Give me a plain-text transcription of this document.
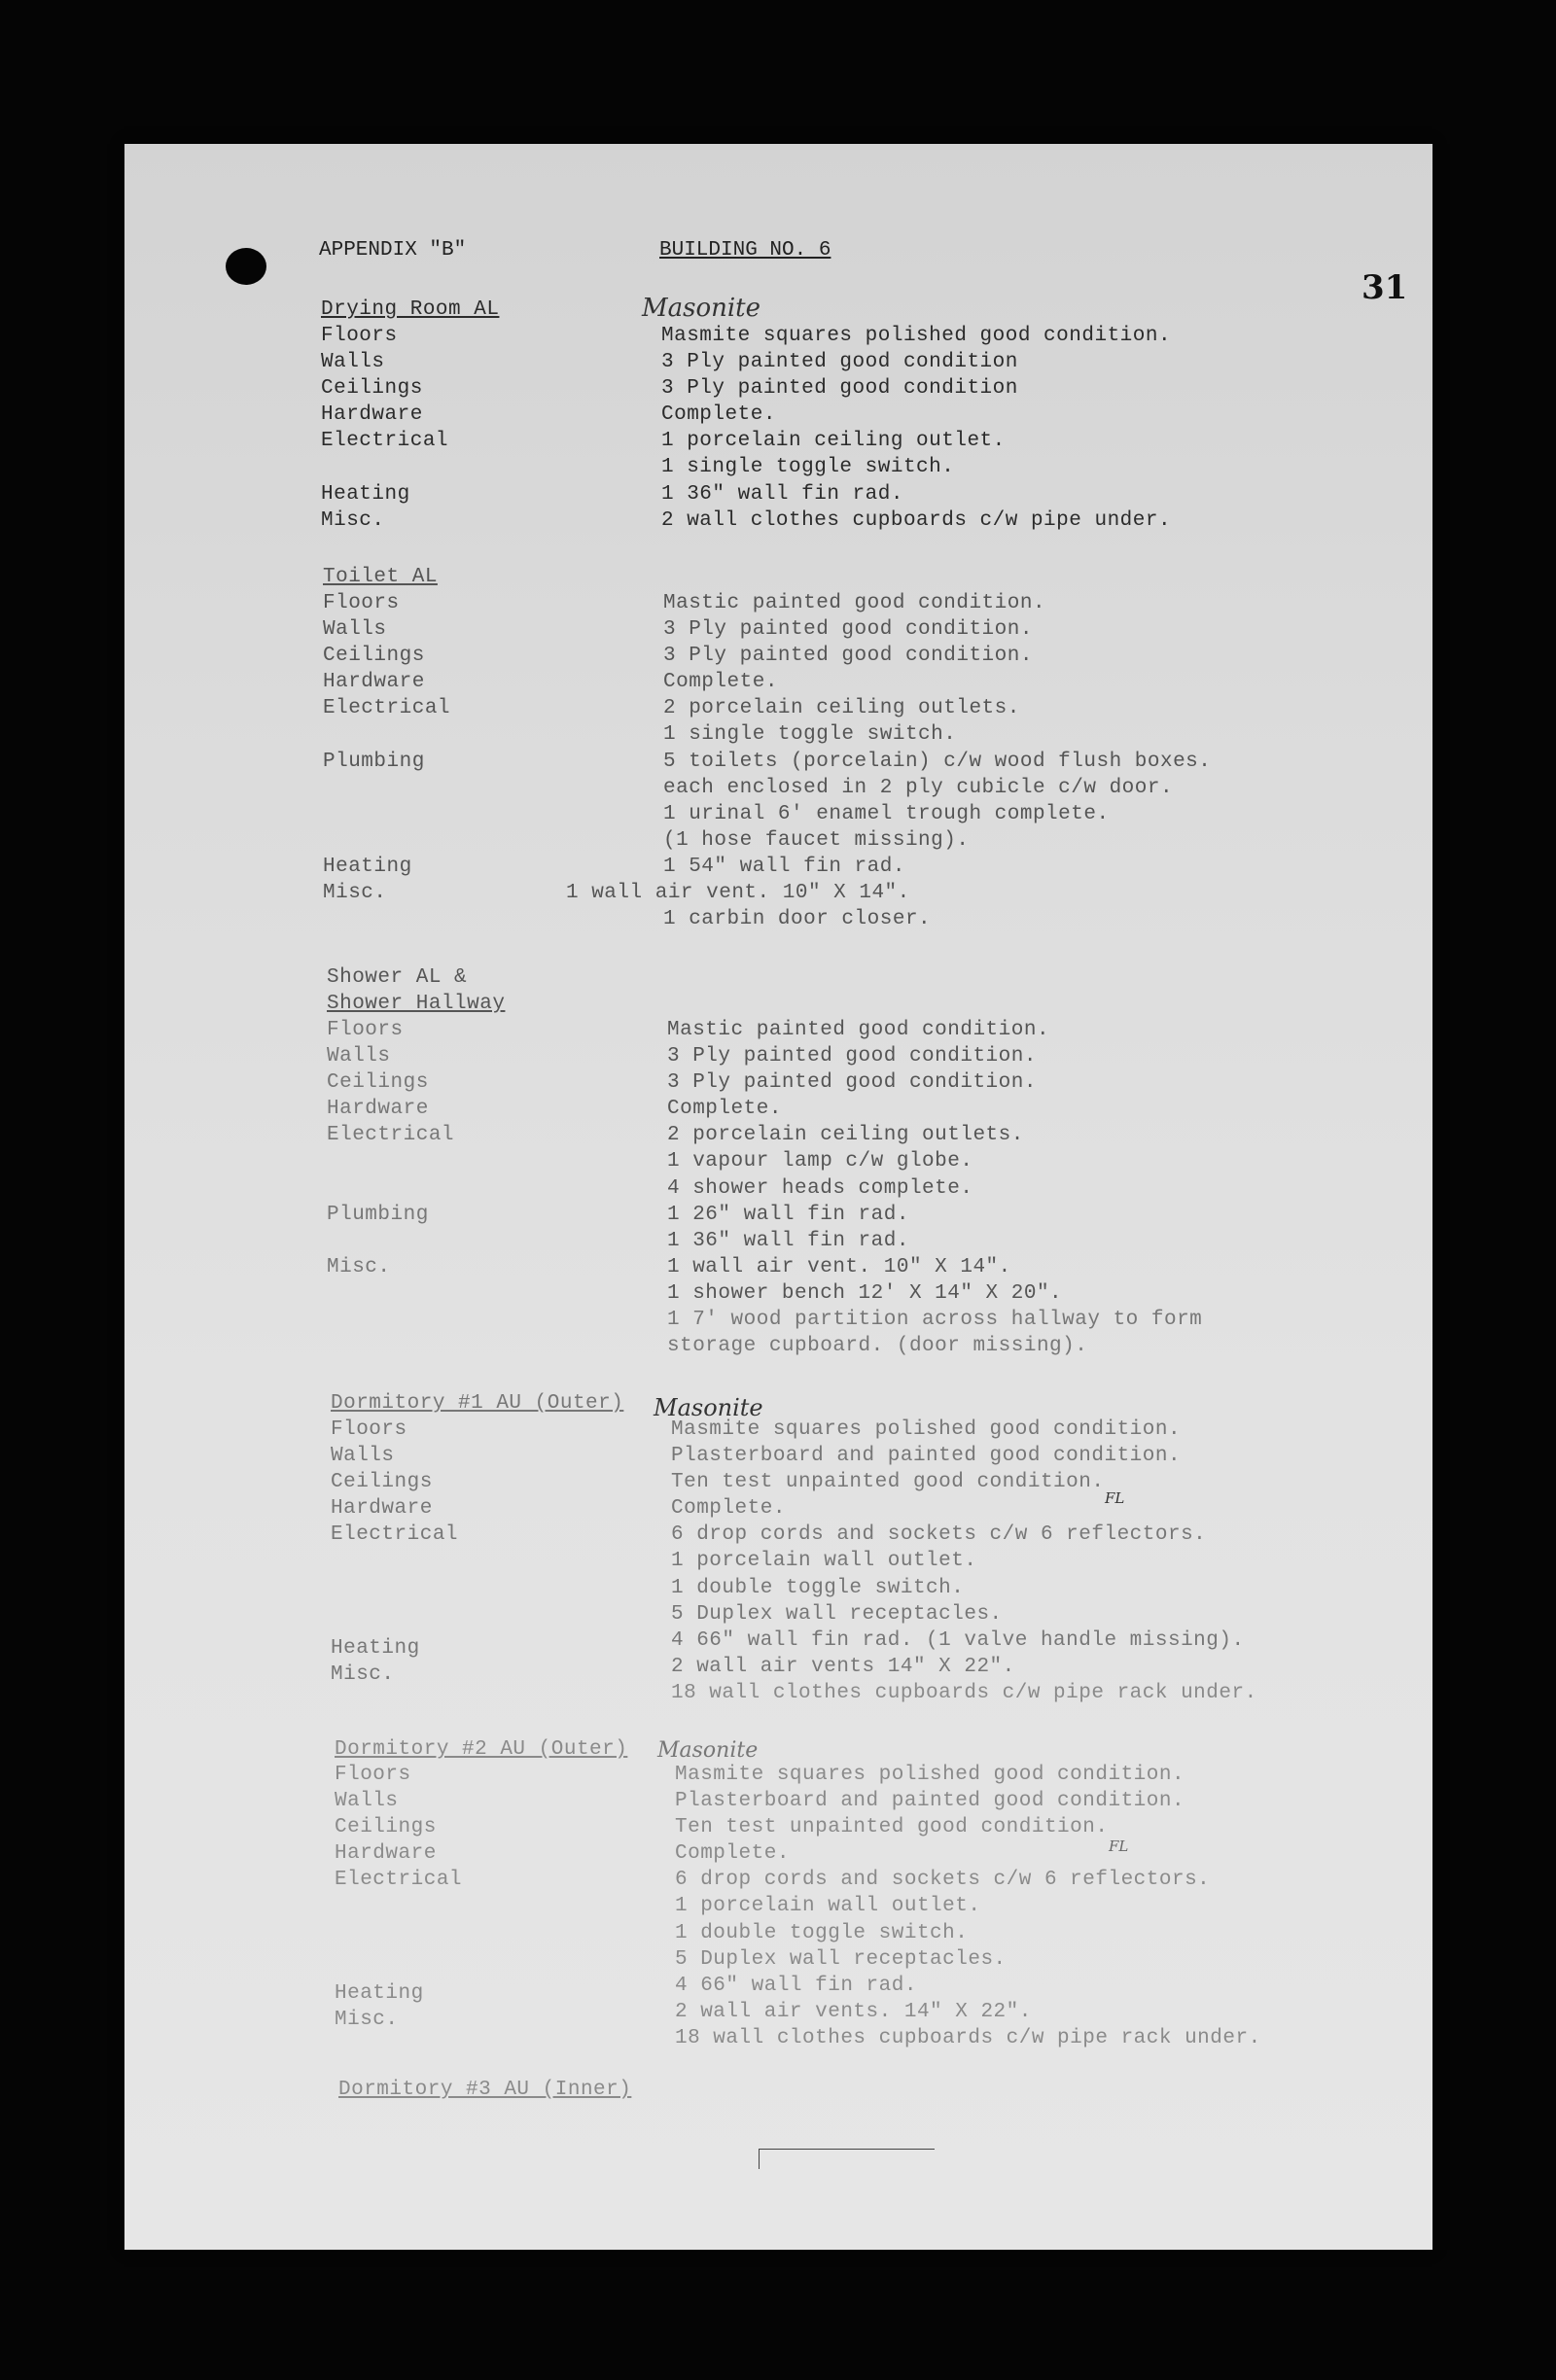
APPENDIX "B"	BUILDING NO. 6
31
Masonite
Masonite
Masonite
FL
FL
Drying Room AL
Floors	Masmite squares polished good condition.
Walls	3 Ply painted good condition
Ceilings	3 Ply painted good condition
Hardware	Complete.
Electrical	1 porcelain ceiling outlet.
1 single toggle switch.
Heating	1 36" wall fin rad.
Misc.	2 wall clothes cupboards c/w pipe under.
Toilet AL
Floors	Mastic painted good condition.
Walls	3 Ply painted good condition.
Ceilings	3 Ply painted good condition.
Hardware	Complete.
Electrical	2 porcelain ceiling outlets.
1 single toggle switch.
Plumbing	5 toilets (porcelain) c/w wood flush boxes.
each enclosed in 2 ply cubicle c/w door.
1 urinal 6' enamel trough complete.
(1 hose faucet missing).
Heating	1 54" wall fin rad.
Misc.	1 wall air vent. 10" X 14".
1 carbin door closer.
Shower AL &
Shower Hallway
Floors	Mastic painted good condition.
Walls	3 Ply painted good condition.
Ceilings	3 Ply painted good condition.
Hardware	Complete.
Electrical	2 porcelain ceiling outlets.
1 vapour lamp c/w globe.
4 shower heads complete.
Plumbing	1 26" wall fin rad.
1 36" wall fin rad.
Misc.	1 wall air vent. 10" X 14".
1 shower bench 12' X 14" X 20".
1 7' wood partition across hallway to form
storage cupboard. (door missing).
Dormitory #1 AU (Outer)
Floors	Masmite squares polished good condition.
Walls	Plasterboard and painted good condition.
Ceilings	Ten test unpainted good condition.
Hardware	Complete.
Electrical	6 drop cords and sockets c/w 6 reflectors.
1 porcelain wall outlet.
1 double toggle switch.
5 Duplex wall receptacles.
Heating	4 66" wall fin rad. (1 valve handle missing).
Misc.	2 wall air vents 14" X 22".
18 wall clothes cupboards c/w pipe rack under.
Dormitory #2 AU (Outer)
Floors	Masmite squares polished good condition.
Walls	Plasterboard and painted good condition.
Ceilings	Ten test unpainted good condition.
Hardware	Complete.
Electrical	6 drop cords and sockets c/w 6 reflectors.
1 porcelain wall outlet.
1 double toggle switch.
5 Duplex wall receptacles.
Heating	4 66" wall fin rad.
Misc.	2 wall air vents. 14" X 22".
18 wall clothes cupboards c/w pipe rack under.
Dormitory #3 AU (Inner)
